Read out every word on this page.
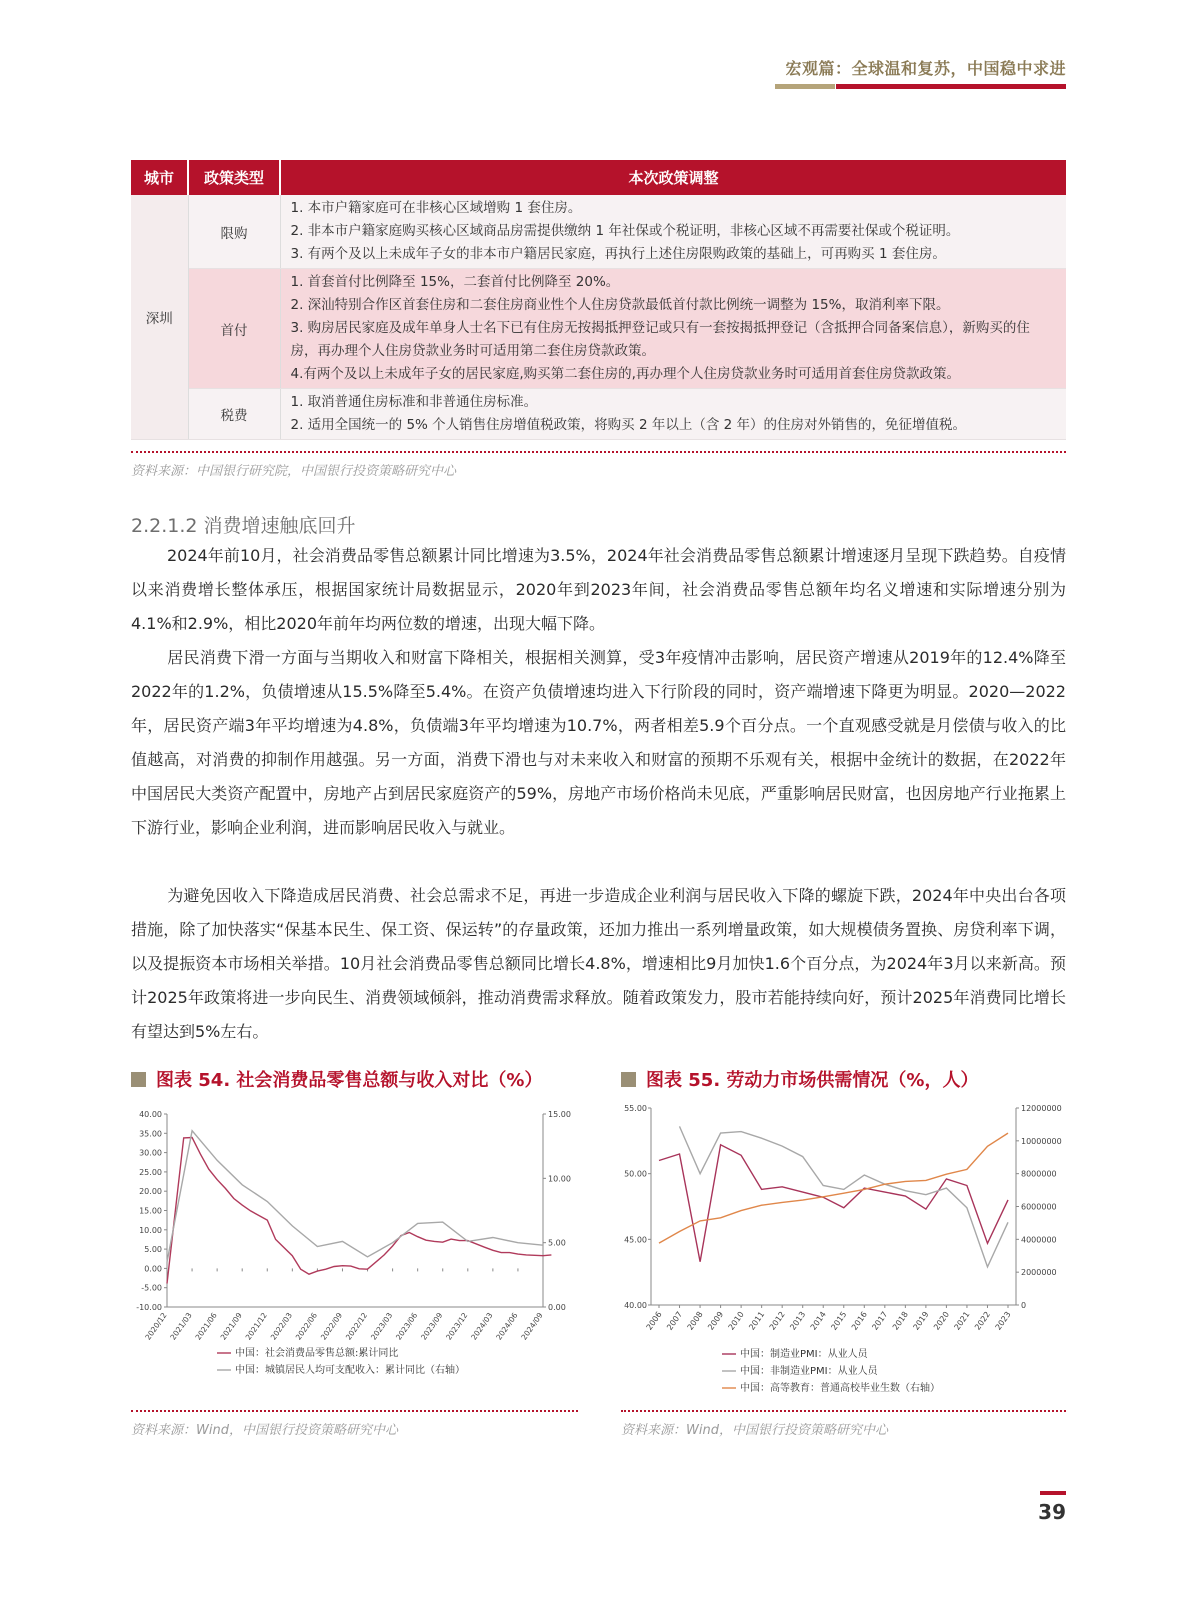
宏观篇：全球温和复苏，中国稳中求进
城市	政策类型	本次政策调整
深圳	限购	1. 本市户籍家庭可在非核心区域增购 1 套住房。
2. 非本市户籍家庭购买核心区域商品房需提供缴纳 1 年社保或个税证明，非核心区域不再需要社保或个税证明。
3. 有两个及以上未成年子女的非本市户籍居民家庭，再执行上述住房限购政策的基础上，可再购买 1 套住房。

	首付	1. 首套首付比例降至 15%，二套首付比例降至 20%。
2. 深汕特别合作区首套住房和二套住房商业性个人住房贷款最低首付款比例统一调整为 15%，取消利率下限。
3. 购房居民家庭及成年单身人士名下已有住房无按揭抵押登记或只有一套按揭抵押登记（含抵押合同备案信息），新购买的住房，再办理个人住房贷款业务时可适用第二套住房贷款政策。
4.有两个及以上未成年子女的居民家庭,购买第二套住房的,再办理个人住房贷款业务时可适用首套住房贷款政策。

	税费	1. 取消普通住房标准和非普通住房标准。
2. 适用全国统一的 5% 个人销售住房增值税政策，将购买 2 年以上（含 2 年）的住房对外销售的，免征增值税。
资料来源：中国银行研究院，中国银行投资策略研究中心
2.2.1.2 消费增速触底回升
2024年前10月，社会消费品零售总额累计同比增速为3.5%，2024年社会消费品零售总额累计增速逐月呈现下跌趋势。自疫情以来消费增长整体承压，根据国家统计局数据显示，2020年到2023年间，社会消费品零售总额年均名义增速和实际增速分别为4.1%和2.9%，相比2020年前年均两位数的增速，出现大幅下降。
居民消费下滑一方面与当期收入和财富下降相关，根据相关测算，受3年疫情冲击影响，居民资产增速从2019年的12.4%降至2022年的1.2%，负债增速从15.5%降至5.4%。在资产负债增速均进入下行阶段的同时，资产端增速下降更为明显。2020—2022年，居民资产端3年平均增速为4.8%，负债端3年平均增速为10.7%，两者相差5.9个百分点。一个直观感受就是月偿债与收入的比值越高，对消费的抑制作用越强。另一方面，消费下滑也与对未来收入和财富的预期不乐观有关，根据中金统计的数据，在2022年中国居民大类资产配置中，房地产占到居民家庭资产的59%，房地产市场价格尚未见底，严重影响居民财富，也因房地产行业拖累上下游行业，影响企业利润，进而影响居民收入与就业。
为避免因收入下降造成居民消费、社会总需求不足，再进一步造成企业利润与居民收入下降的螺旋下跌，2024年中央出台各项措施，除了加快落实“保基本民生、保工资、保运转”的存量政策，还加力推出一系列增量政策，如大规模债务置换、房贷利率下调，以及提振资本市场相关举措。10月社会消费品零售总额同比增长4.8%，增速相比9月加快1.6个百分点，为2024年3月以来新高。预计2025年政策将进一步向民生、消费领域倾斜，推动消费需求释放。随着政策发力，股市若能持续向好，预计2025年消费同比增长有望达到5%左右。
图表 54. 社会消费品零售总额与收入对比（%）
40.00
35.00
30.00
25.00
20.00
15.00
10.00
5.00
0.00
-5.00
-10.00
15.00
10.00
5.00
0.00
2020/12 2021/03 2021/06 2021/09 2021/12 2022/03 2022/06 2022/09 2022/12 2023/03 2023/06 2023/09 2023/12 2024/03 2024/06 2024/09
中国：社会消费品零售总额:累计同比
中国：城镇居民人均可支配收入：累计同比（右轴）
资料来源：Wind，中国银行投资策略研究中心
图表 55. 劳动力市场供需情况（%，人）
55.00
50.00
45.00
40.00
12000000
10000000
8000000
6000000
4000000
2000000
0
2006 2007 2008 2009 2010 2011 2012 2013 2014 2015 2016 2017 2018 2019 2020 2021 2022 2023
中国：制造业PMI：从业人员
中国：非制造业PMI：从业人员
中国：高等教育：普通高校毕业生数（右轴）
资料来源：Wind，中国银行投资策略研究中心
39
